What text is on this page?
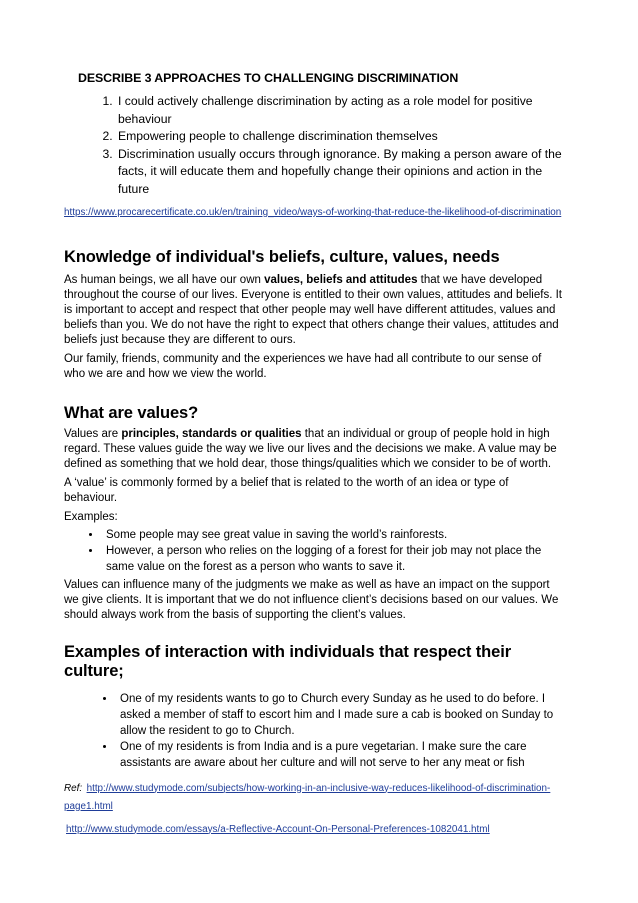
DESCRIBE 3 APPROACHES TO CHALLENGING DISCRIMINATION
1. I could actively challenge discrimination by acting as a role model for positive behaviour
2. Empowering people to challenge discrimination themselves
3. Discrimination usually occurs through ignorance. By making a person aware of the facts, it will educate them and hopefully change their opinions and action in the future
https://www.procarecertificate.co.uk/en/training_video/ways-of-working-that-reduce-the-likelihood-of-discrimination
Knowledge of individual's beliefs, culture, values, needs

As human beings, we all have our own values, beliefs and attitudes that we have developed throughout the course of our lives. Everyone is entitled to their own values, attitudes and beliefs. It is important to accept and respect that other people may well have different attitudes, values and beliefs than you. We do not have the right to expect that others change their values, attitudes and beliefs just because they are different to ours.

Our family, friends, community and the experiences we have had all contribute to our sense of who we are and how we view the world.

What are values?

Values are principles, standards or qualities that an individual or group of people hold in high regard. These values guide the way we live our lives and the decisions we make. A value may be defined as something that we hold dear, those things/qualities which we consider to be of worth.

A ‘value’ is commonly formed by a belief that is related to the worth of an idea or type of behaviour.

Examples:

• Some people may see great value in saving the world’s rainforests.
• However, a person who relies on the logging of a forest for their job may not place the same value on the forest as a person who wants to save it.

Values can influence many of the judgments we make as well as have an impact on the support we give clients. It is important that we do not influence client’s decisions based on our values. We should always work from the basis of supporting the client’s values.

Examples of interaction with individuals that respect their culture;
• One of my residents wants to go to Church every Sunday as he used to do before. I asked a member of staff to escort him and I made sure a cab is booked on Sunday to allow the resident to go to Church.
• One of my residents is from India and is a pure vegetarian. I make sure the care assistants are aware about her culture and will not serve to her any meat or fish
Ref: http://www.studymode.com/subjects/how-working-in-an-inclusive-way-reduces-likelihood-of-discrimination-page1.html
http://www.studymode.com/essays/a-Reflective-Account-On-Personal-Preferences-1082041.html
